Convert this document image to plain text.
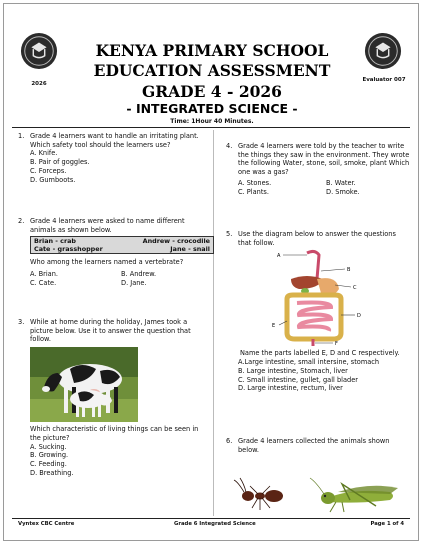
2026
Evaluator 007
KENYA PRIMARY SCHOOL
EDUCATION ASSESSMENT
GRADE 4 - 2026
- INTEGRATED SCIENCE -
Time: 1Hour 40 Minutes.
1. Grade 4 learners want to handle an irritating plant. Which safety tool should the learners use?
A. Knife.
B. Pair of goggles.
C. Forceps.
D. Gumboots.
2. Grade 4 learners were asked to name different animals as shown below.
Brian - crab	Andrew - crocodile
Cate - grasshopper	Jane - snail
Who among the learners named a vertebrate?
A. Brian.	B. Andrew.
C. Cate.	D. Jane.
3. While at home during the holiday, James took a picture below. Use it to answer the question that follow.
Which characteristic of living things can be seen in the picture?
A. Sucking.
B. Growing.
C. Feeding.
D. Breathing.
4. Grade 4 learners were told by the teacher to write the things they saw in the environment. They wrote the following Water, stone, soil, smoke, plant Which one was a gas?
A. Stones.	B. Water.
C. Plants.	D. Smoke.
5. Use the diagram below to answer the questions that follow.
A
B
C
D
E
F
Name the parts labelled E, D and C respectively.
A.Large intestine, small intersine, stomach
B. Large intestine, Stomach, liver
C. Small intestine, gullet, gall blader
D. Large intestine, rectum, liver
6. Grade 4 learners collected the animals shown below.
Vyntex CBC Centre	Grade 6 Integrated Science	Page 1 of 4
